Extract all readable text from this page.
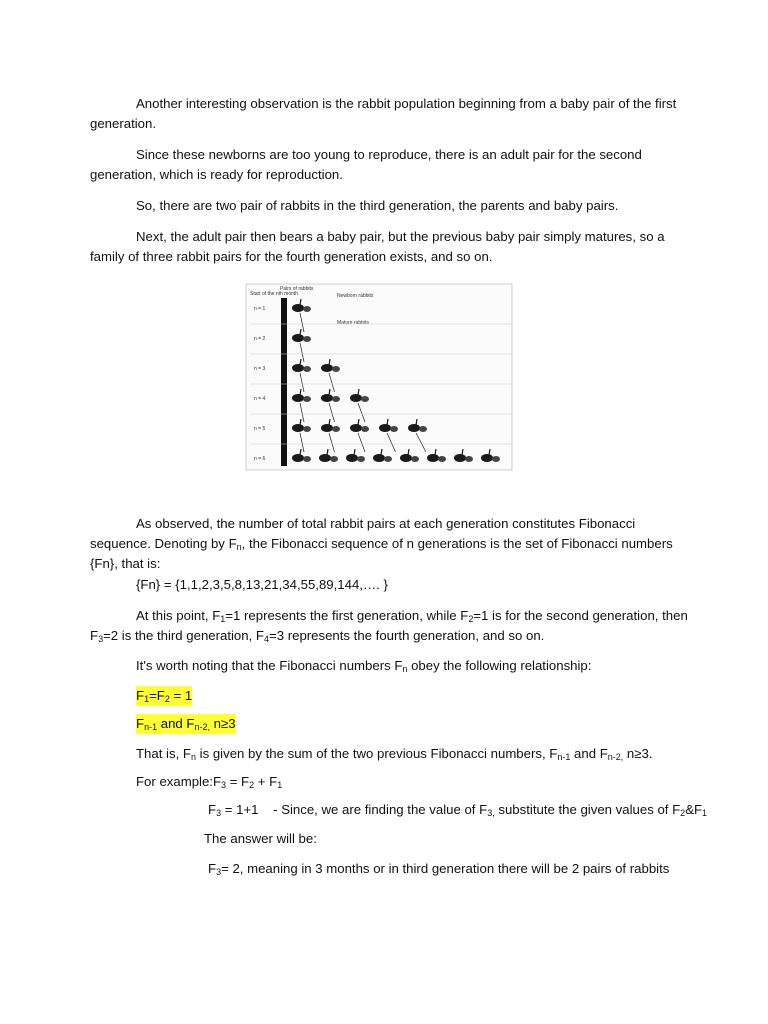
Another interesting observation is the rabbit population beginning from a baby pair of the first generation.

Since these newborns are too young to reproduce, there is an adult pair for the second generation, which is ready for reproduction.

So, there are two pair of rabbits in the third generation, the parents and baby pairs.

Next, the adult pair then bears a baby pair, but the previous baby pair simply matures, so a family of three rabbit pairs for the fourth generation exists, and so on.

Start of the nth month
Pairs of rabbits
Newborn rabbits
Mature rabbits
n = 1
n = 2
n = 3
n = 4
n = 5
n = 6

As observed, the number of total rabbit pairs at each generation constitutes Fibonacci sequence. Denoting by $F_n$, the Fibonacci sequence of n generations is the set of Fibonacci numbers {Fn}, that is:

{Fn} = {1,1,2,3,5,8,13,21,34,55,89,144,…. }

At this point, $F_1=1$ represents the first generation, while $F_2=1$ is for the second generation, then $F_3=2$ is the third generation, $F_4=3$ represents the fourth generation, and so on.

It's worth noting that the Fibonacci numbers $F_n$ obey the following relationship:
$F_1=F_2 = 1$
$F_{n-1}$ and $F_{n-2,}$ n≥3
That is, $F_n$ is given by the sum of the two previous Fibonacci numbers, $F_{n-1}$ and $F_{n-2,}$ n≥3.
For $example:F_3 = F_2 + F_1$
$F_3 = 1+1$    - Since, we are finding the value of $F_{3,}$ substitute the given values of $F_2\&F_1$
The answer will be:
$F_3= 2$, meaning in 3 months or in third generation there will be 2 pairs of rabbits
